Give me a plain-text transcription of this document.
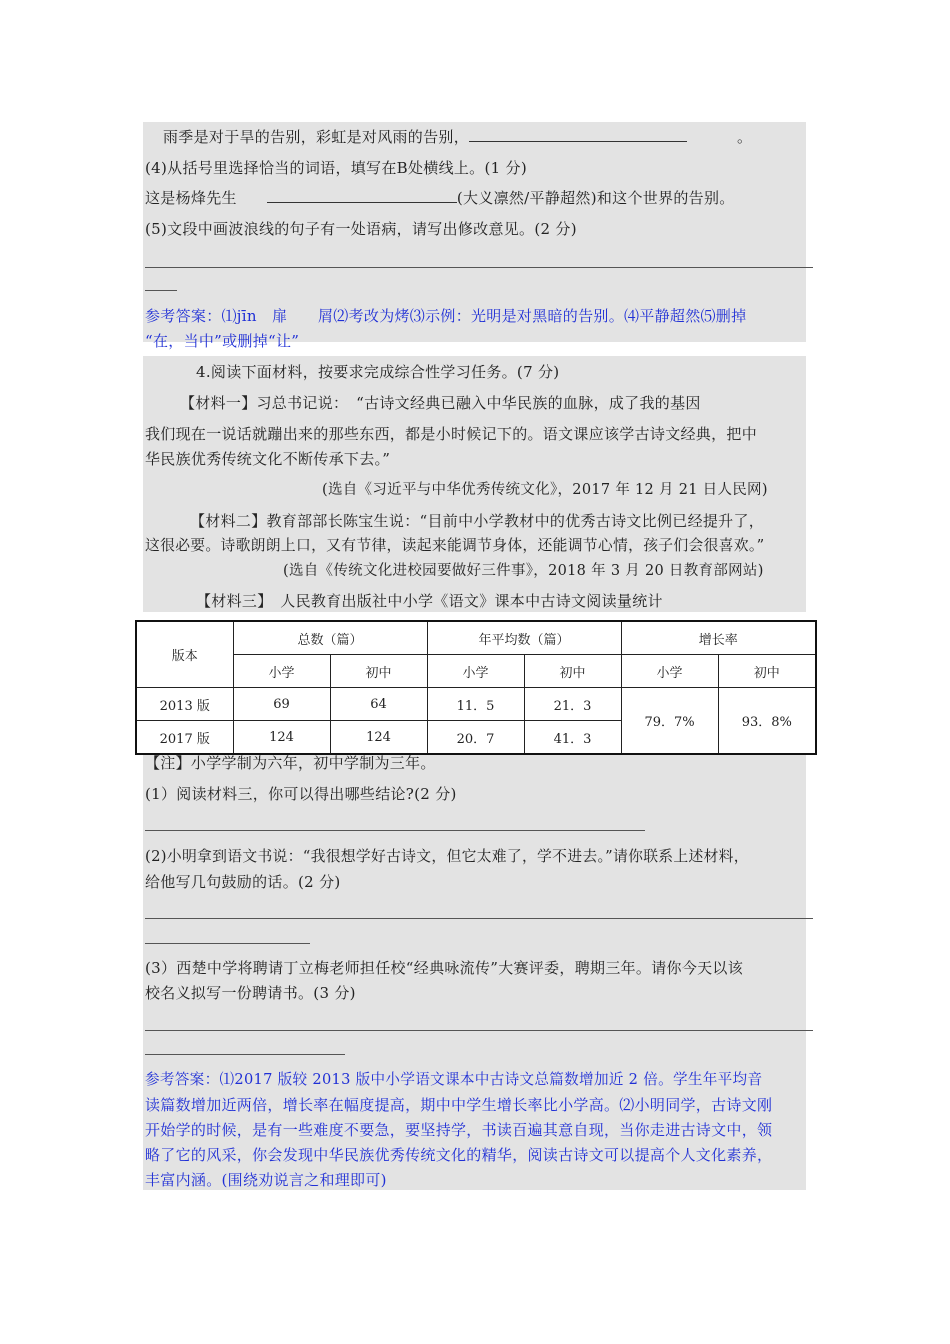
雨季是对于旱的告别，彩虹是对风雨的告别，	。
(4)从括号里选择恰当的词语，填写在B处横线上。(1 分)
这是杨烽先生	(大义凛然/平静超然)和这个世界的告别。
(5)文段中画波浪线的句子有一处语病，请写出修改意见。(2 分)
参考答案：⑴jīn　扉　　屑⑵考改为烤⑶示例：光明是对黑暗的告别。⑷平静超然⑸删掉
“在，当中”或删掉“让”
4.阅读下面材料，按要求完成综合性学习任务。(7 分)
【材料一】习总书记说：　“古诗文经典已融入中华民族的血脉，成了我的基因
我们现在一说话就蹦出来的那些东西，都是小时候记下的。语文课应该学古诗文经典，把中
华民族优秀传统文化不断传承下去。”
(选自《习近平与中华优秀传统文化》，2017 年 12 月 21 日人民网)
【材料二】教育部部长陈宝生说：“目前中小学教材中的优秀古诗文比例已经提升了，
这很必要。诗歌朗朗上口，又有节律，读起来能调节身体，还能调节心情，孩子们会很喜欢。”
(选自《传统文化进校园要做好三件事》，2018 年 3 月 20 日教育部网站)
【材料三】　人民教育出版社中小学《语文》课本中古诗文阅读量统计
版本	总数（篇）		年平均数（篇）		增长率	
	小学	初中	小学	初中	小学	初中
2013 版	69	64	11．5	21．3	79．7%	93．8%
2017 版	124	124	20．7	41．3		
【注】小学学制为六年，初中学制为三年。
(1）阅读材料三，你可以得出哪些结论?(2 分)
(2)小明拿到语文书说：“我很想学好古诗文，但它太难了，学不进去。”请你联系上述材料，
给他写几句鼓励的话。(2 分)
(3）西楚中学将聘请丁立梅老师担任校“经典咏流传”大赛评委，聘期三年。请你今天以该
校名义拟写一份聘请书。(3 分)
参考答案：⑴2017 版较 2013 版中小学语文课本中古诗文总篇数增加近 2 倍。学生年平均音
读篇数增加近两倍，增长率在幅度提高，期中中学生增长率比小学高。⑵小明同学，古诗文刚
开始学的时候，是有一些难度不要急，要坚持学，书读百遍其意自现，当你走进古诗文中，领
略了它的风采，你会发现中华民族优秀传统文化的精华，阅读古诗文可以提高个人文化素养，
丰富内涵。(围绕劝说言之和理即可)
